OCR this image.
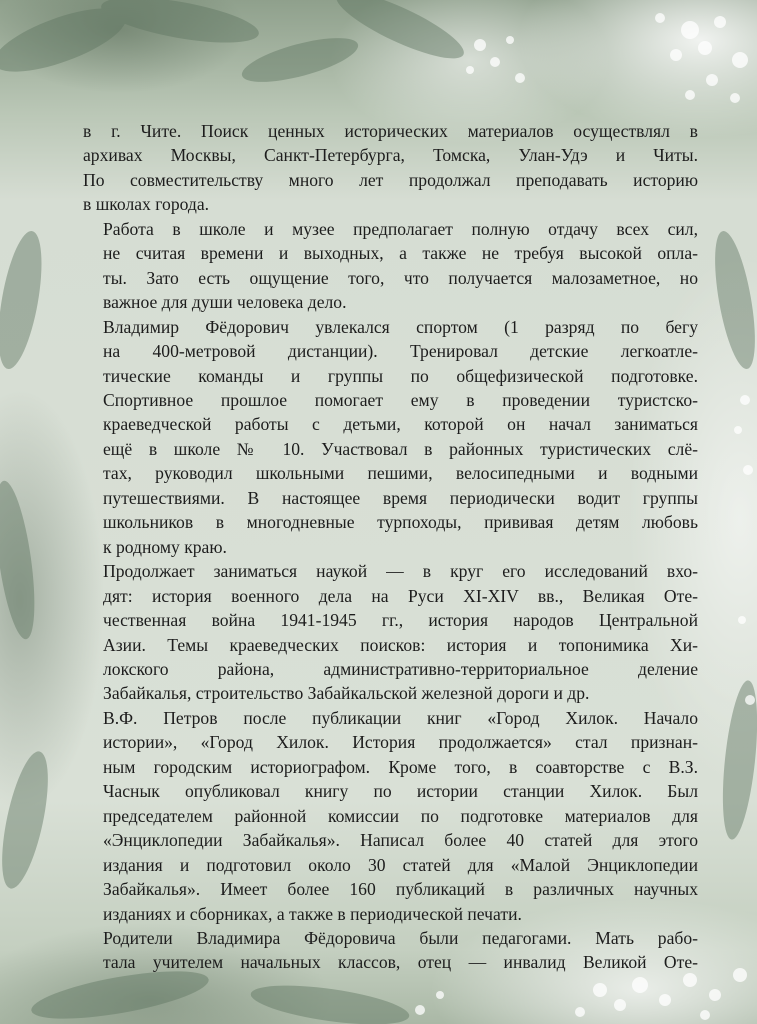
в г. Чите. Поиск ценных исторических материалов осуществлял в
архивах Москвы, Санкт-Петербурга, Томска, Улан-Удэ и Читы.
По совместительству много лет продолжал преподавать историю
в школах города.

Работа в школе и музее предполагает полную отдачу всех сил,
не считая времени и выходных, а также не требуя высокой опла-
ты. Зато есть ощущение того, что получается малозаметное, но
важное для души человека дело.

Владимир Фёдорович увлекался спортом (1 разряд по бегу
на 400-метровой дистанции). Тренировал детские легкоатле-
тические команды и группы по общефизической подготовке.
Спортивное прошлое помогает ему в проведении туристско-
краеведческой работы с детьми, которой он начал заниматься
ещё в школе № 10. Участвовал в районных туристических слё-
тах, руководил школьными пешими, велосипедными и водными
путешествиями. В настоящее время периодически водит группы
школьников в многодневные турпоходы, прививая детям любовь
к родному краю.

Продолжает заниматься наукой — в круг его исследований вхо-
дят: история военного дела на Руси XI-XIV вв., Великая Оте-
чественная война 1941-1945 гг., история народов Центральной
Азии. Темы краеведческих поисков: история и топонимика Хи-
локского района, административно-территориальное деление
Забайкалья, строительство Забайкальской железной дороги и др.

В.Ф. Петров после публикации книг «Город Хилок. Начало
истории», «Город Хилок. История продолжается» стал признан-
ным городским историографом. Кроме того, в соавторстве с В.З.
Часнык опубликовал книгу по истории станции Хилок. Был
председателем районной комиссии по подготовке материалов для
«Энциклопедии Забайкалья». Написал более 40 статей для этого
издания и подготовил около 30 статей для «Малой Энциклопедии
Забайкалья». Имеет более 160 публикаций в различных научных
изданиях и сборниках, а также в периодической печати.

Родители Владимира Фёдоровича были педагогами. Мать рабо-
тала учителем начальных классов, отец — инвалид Великой Оте-
